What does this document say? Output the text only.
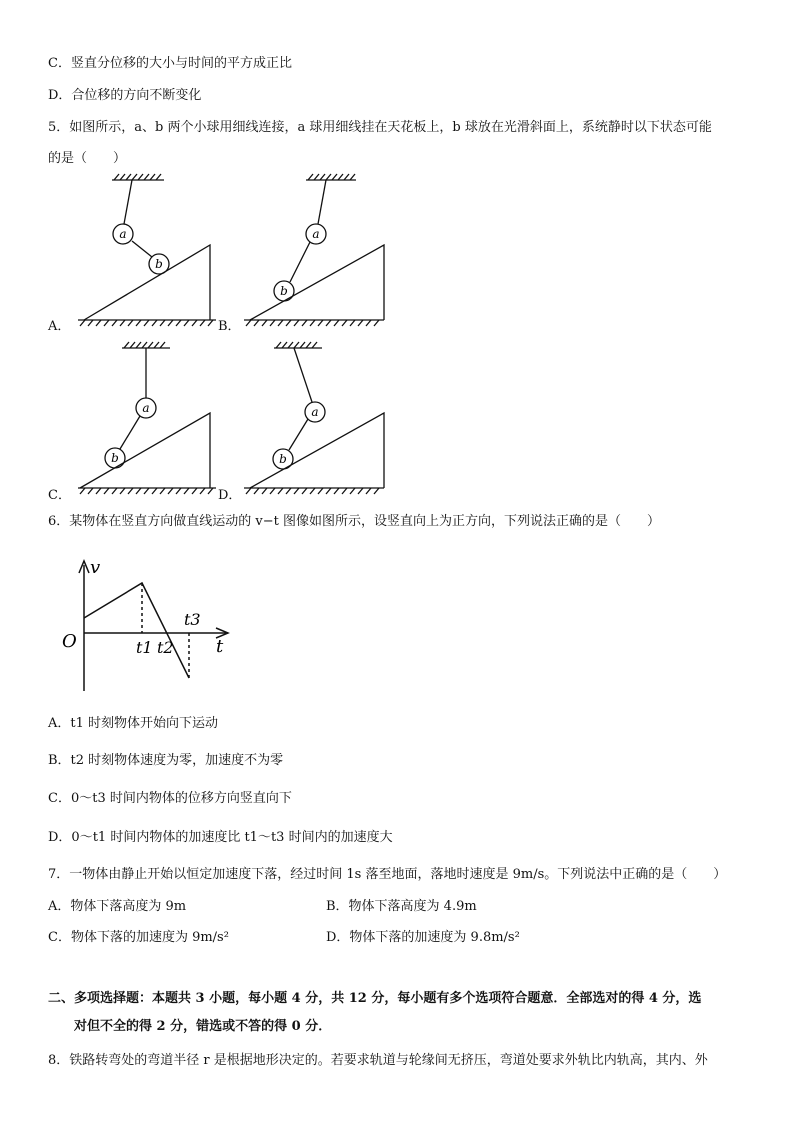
C．竖直分位移的大小与时间的平方成正比
D．合位移的方向不断变化
5．如图所示，a、b 两个小球用细线连接，a 球用细线挂在天花板上，b 球放在光滑斜面上，系统静时以下状态可能
的是（　　）
A．
a
b
B．
a
b
C．
a
b
D．
a
b
6．某物体在竖直方向做直线运动的 v−t 图像如图所示，设竖直向上为正方向，下列说法正确的是（　　）
v
t
O	t1 t2
t3
A．t1 时刻物体开始向下运动
B．t2 时刻物体速度为零，加速度不为零
C．0～t3 时间内物体的位移方向竖直向下
D．0～t1 时间内物体的加速度比 t1～t3 时间内的加速度大
7．一物体由静止开始以恒定加速度下落，经过时间 1s 落至地面，落地时速度是 9m/s。下列说法中正确的是（　　）
A．物体下落高度为 9m	B．物体下落高度为 4.9m
C．物体下落的加速度为 9m/s²	D．物体下落的加速度为 9.8m/s²
二、多项选择题：本题共 3 小题，每小题 4 分，共 12 分，每小题有多个选项符合题意．全部选对的得 4 分，选
对但不全的得 2 分，错选或不答的得 0 分．
8．铁路转弯处的弯道半径 r 是根据地形决定的。若要求轨道与轮缘间无挤压，弯道处要求外轨比内轨高，其内、外
